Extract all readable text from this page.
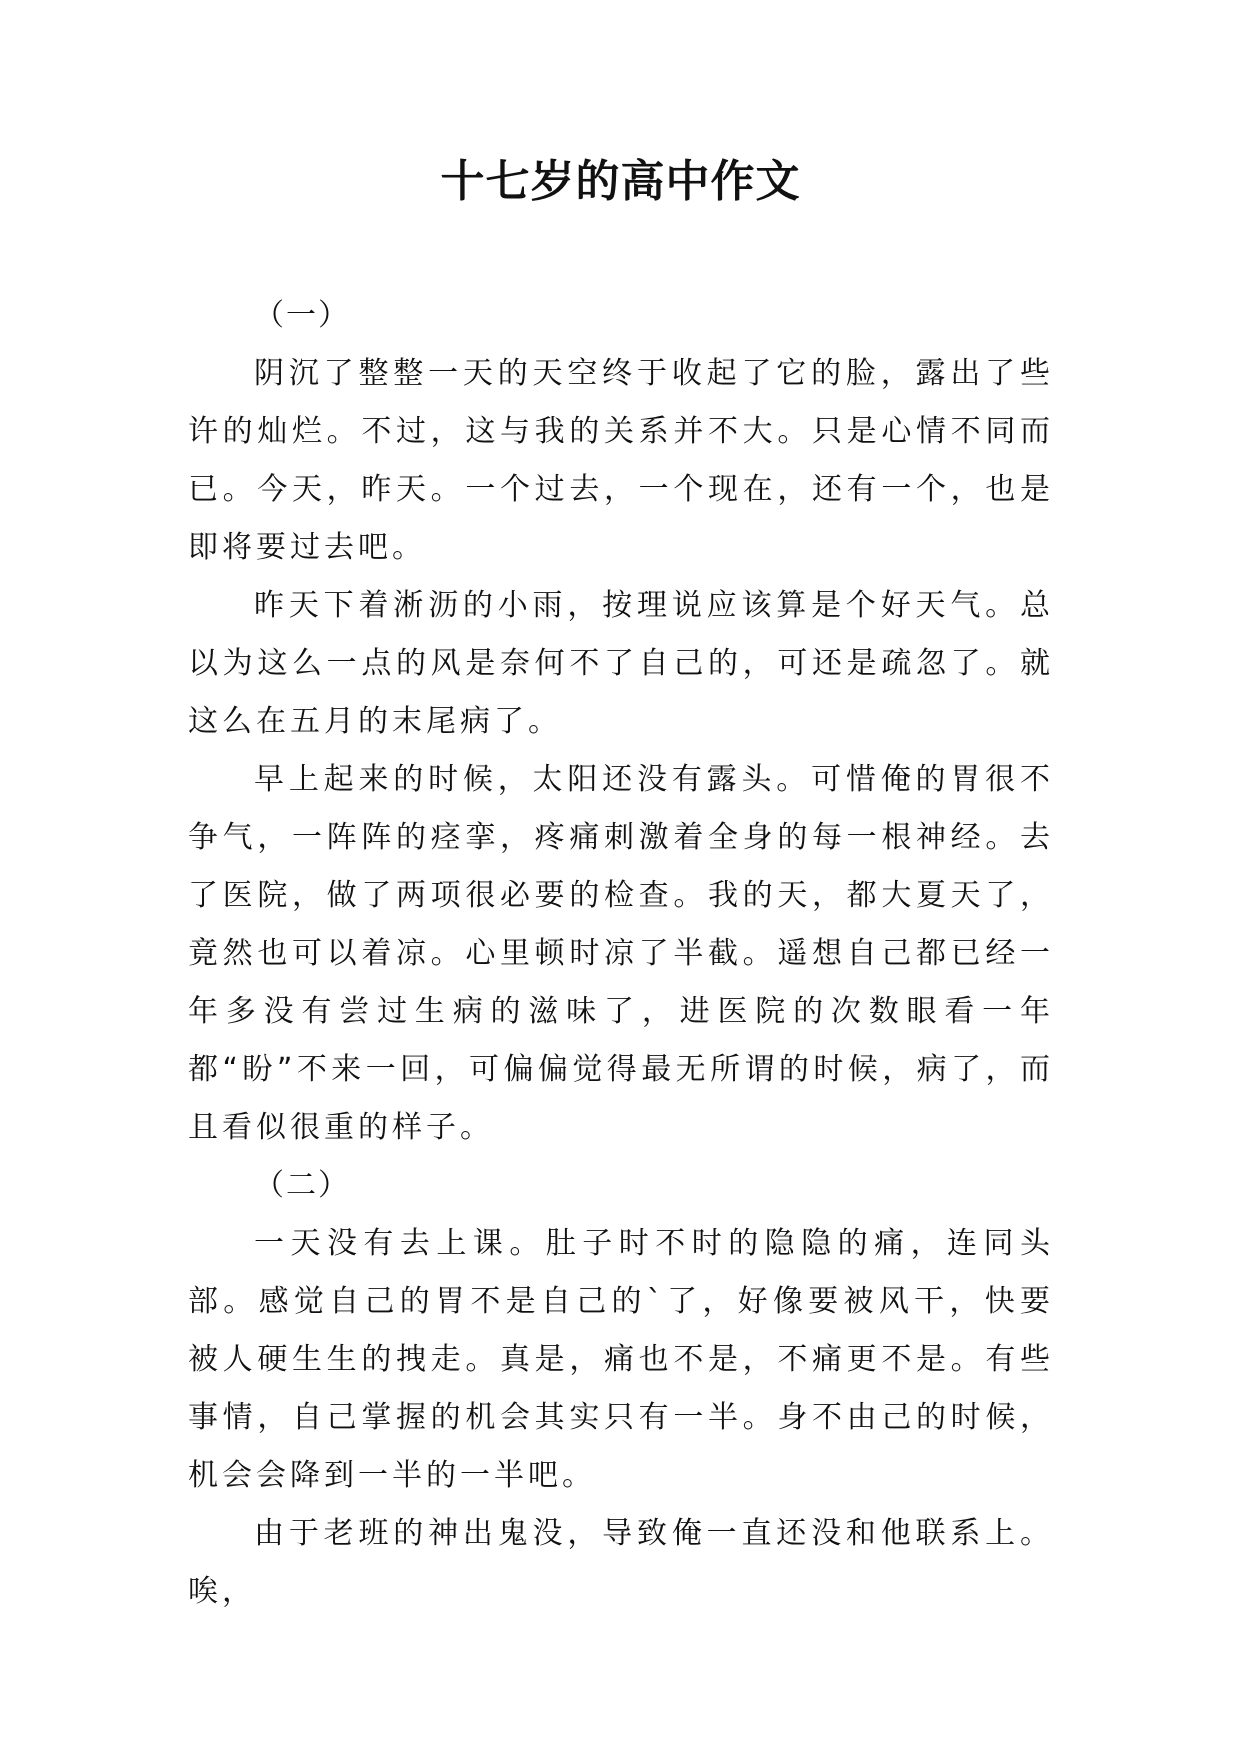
十七岁的高中作文

（一）

阴沉了整整一天的天空终于收起了它的脸，露出了些许的灿烂。不过，这与我的关系并不大。只是心情不同而已。今天，昨天。一个过去，一个现在，还有一个，也是即将要过去吧。

昨天下着淅沥的小雨，按理说应该算是个好天气。总以为这么一点的风是奈何不了自己的，可还是疏忽了。就这么在五月的末尾病了。

早上起来的时候，太阳还没有露头。可惜俺的胃很不争气，一阵阵的痉挛，疼痛刺激着全身的每一根神经。去了医院，做了两项很必要的检查。我的天，都大夏天了，竟然也可以着凉。心里顿时凉了半截。遥想自己都已经一年多没有尝过生病的滋味了，进医院的次数眼看一年都“盼”不来一回，可偏偏觉得最无所谓的时候，病了，而且看似很重的样子。

（二）

一天没有去上课。肚子时不时的隐隐的痛，连同头部。感觉自己的胃不是自己的`了，好像要被风干，快要被人硬生生的拽走。真是，痛也不是，不痛更不是。有些事情，自己掌握的机会其实只有一半。身不由己的时候，机会会降到一半的一半吧。

由于老班的神出鬼没，导致俺一直还没和他联系上。唉，
